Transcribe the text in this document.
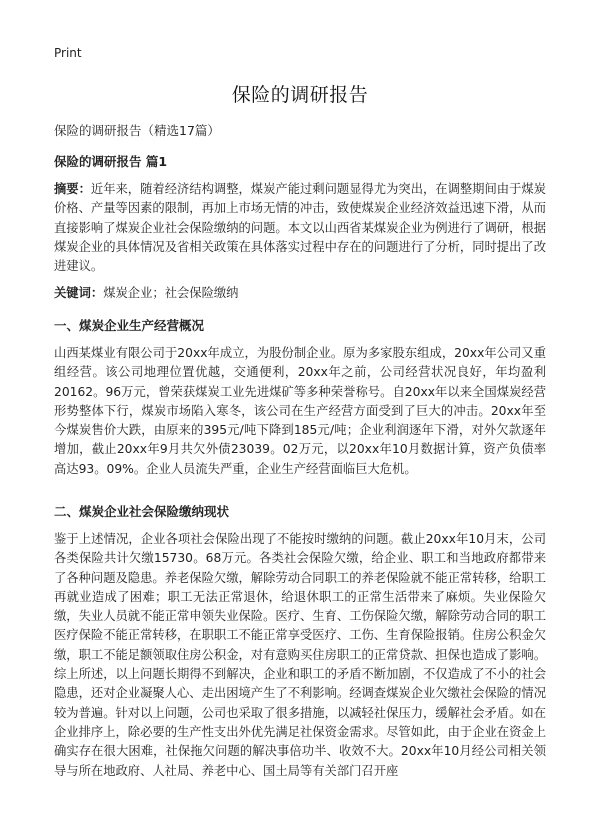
Print
保险的调研报告
保险的调研报告（精选17篇）
保险的调研报告 篇1

摘要：近年来，随着经济结构调整，煤炭产能过剩问题显得尤为突出，在调整期间由于煤炭价格、产量等因素的限制，再加上市场无情的冲击，致使煤炭企业经济效益迅速下滑，从而直接影响了煤炭企业社会保险缴纳的问题。本文以山西省某煤炭企业为例进行了调研，根据煤炭企业的具体情况及省相关政策在具体落实过程中存在的问题进行了分析，同时提出了改进建议。

关键词：煤炭企业；社会保险缴纳

一、煤炭企业生产经营概况

山西某煤业有限公司于20xx年成立，为股份制企业。原为多家股东组成，20xx年公司又重组经营。该公司地理位置优越，交通便利，20xx年之前，公司经营状况良好，年均盈利20162。96万元，曾荣获煤炭工业先进煤矿等多种荣誉称号。自20xx年以来全国煤炭经营形势整体下行，煤炭市场陷入寒冬，该公司在生产经营方面受到了巨大的冲击。20xx年至今煤炭售价大跌，由原来的395元/吨下降到185元/吨；企业利润逐年下滑，对外欠款逐年增加，截止20xx年9月共欠外债23039。02万元，以20xx年10月数据计算，资产负债率高达93。09%。企业人员流失严重，企业生产经营面临巨大危机。

二、煤炭企业社会保险缴纳现状

鉴于上述情况，企业各项社会保险出现了不能按时缴纳的问题。截止20xx年10月末，公司各类保险共计欠缴15730。68万元。各类社会保险欠缴，给企业、职工和当地政府都带来了各种问题及隐患。养老保险欠缴，解除劳动合同职工的养老保险就不能正常转移，给职工再就业造成了困难；职工无法正常退休，给退休职工的正常生活带来了麻烦。失业保险欠缴，失业人员就不能正常申领失业保险。医疗、生育、工伤保险欠缴，解除劳动合同的职工医疗保险不能正常转移，在职职工不能正常享受医疗、工伤、生育保险报销。住房公积金欠缴，职工不能足额领取住房公积金，对有意购买住房职工的正常贷款、担保也造成了影响。综上所述，以上问题长期得不到解决，企业和职工的矛盾不断加剧，不仅造成了不小的社会隐患，还对企业凝聚人心、走出困境产生了不利影响。经调查煤炭企业欠缴社会保险的情况较为普遍。针对以上问题，公司也采取了很多措施，以减轻社保压力，缓解社会矛盾。如在企业排序上，除必要的生产性支出外优先满足社保资金需求。尽管如此，由于企业在资金上确实存在很大困难，社保拖欠问题的解决事倍功半、收效不大。20xx年10月经公司相关领导与所在地政府、人社局、养老中心、国土局等有关部门召开座
